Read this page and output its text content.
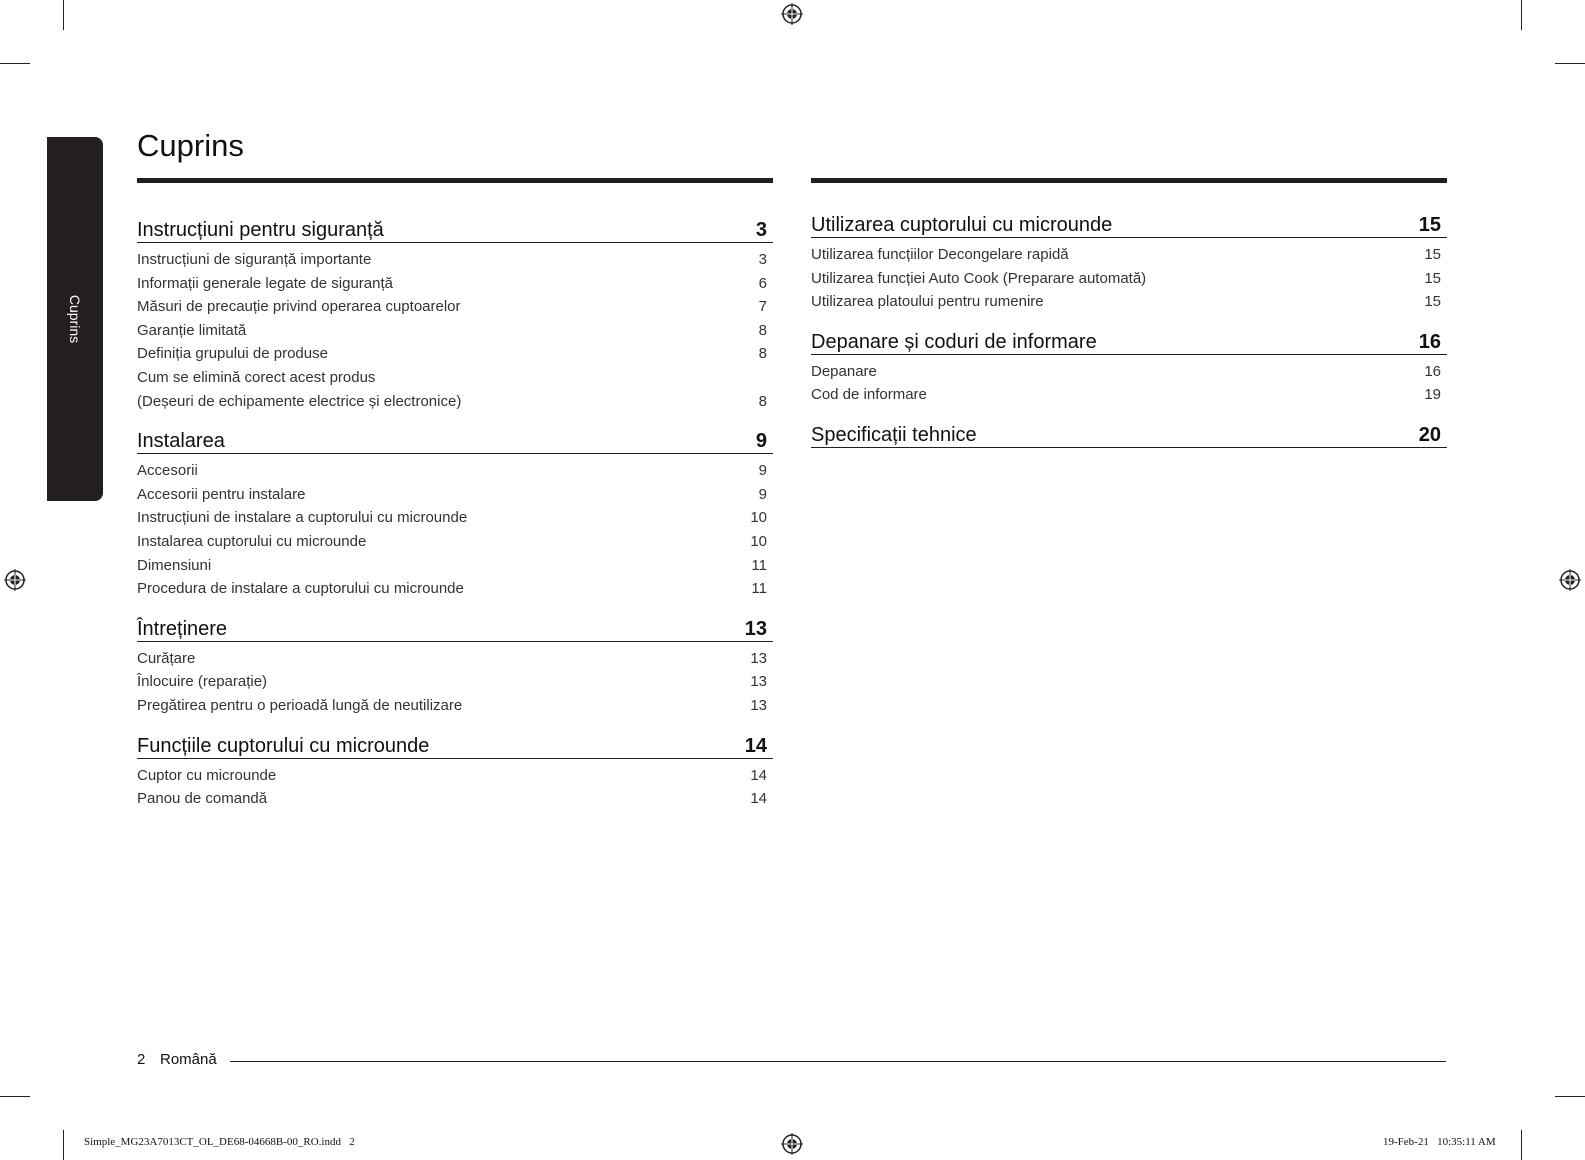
Cuprins
Cuprins
Instrucțiuni pentru siguranță	3
Instrucțiuni de siguranță importante	3
Informații generale legate de siguranță	6
Măsuri de precauție privind operarea cuptoarelor	7
Garanție limitată	8
Definiția grupului de produse	8
Cum se elimină corect acest produs
(Deșeuri de echipamente electrice și electronice)	8
Instalarea	9
Accesorii	9
Accesorii pentru instalare	9
Instrucțiuni de instalare a cuptorului cu microunde	10
Instalarea cuptorului cu microunde	10
Dimensiuni	11
Procedura de instalare a cuptorului cu microunde	11
Întreținere	13
Curățare	13
Înlocuire (reparație)	13
Pregătirea pentru o perioadă lungă de neutilizare	13
Funcțiile cuptorului cu microunde	14
Cuptor cu microunde	14
Panou de comandă	14
Utilizarea cuptorului cu microunde	15
Utilizarea funcțiilor Decongelare rapidă	15
Utilizarea funcției Auto Cook (Preparare automată)	15
Utilizarea platoului pentru rumenire	15
Depanare și coduri de informare	16
Depanare	16
Cod de informare	19
Specificații tehnice	20
2 Română
Simple_MG23A7013CT_OL_DE68-04668B-00_RO.indd   2	19-Feb-21   10:35:11 AM
